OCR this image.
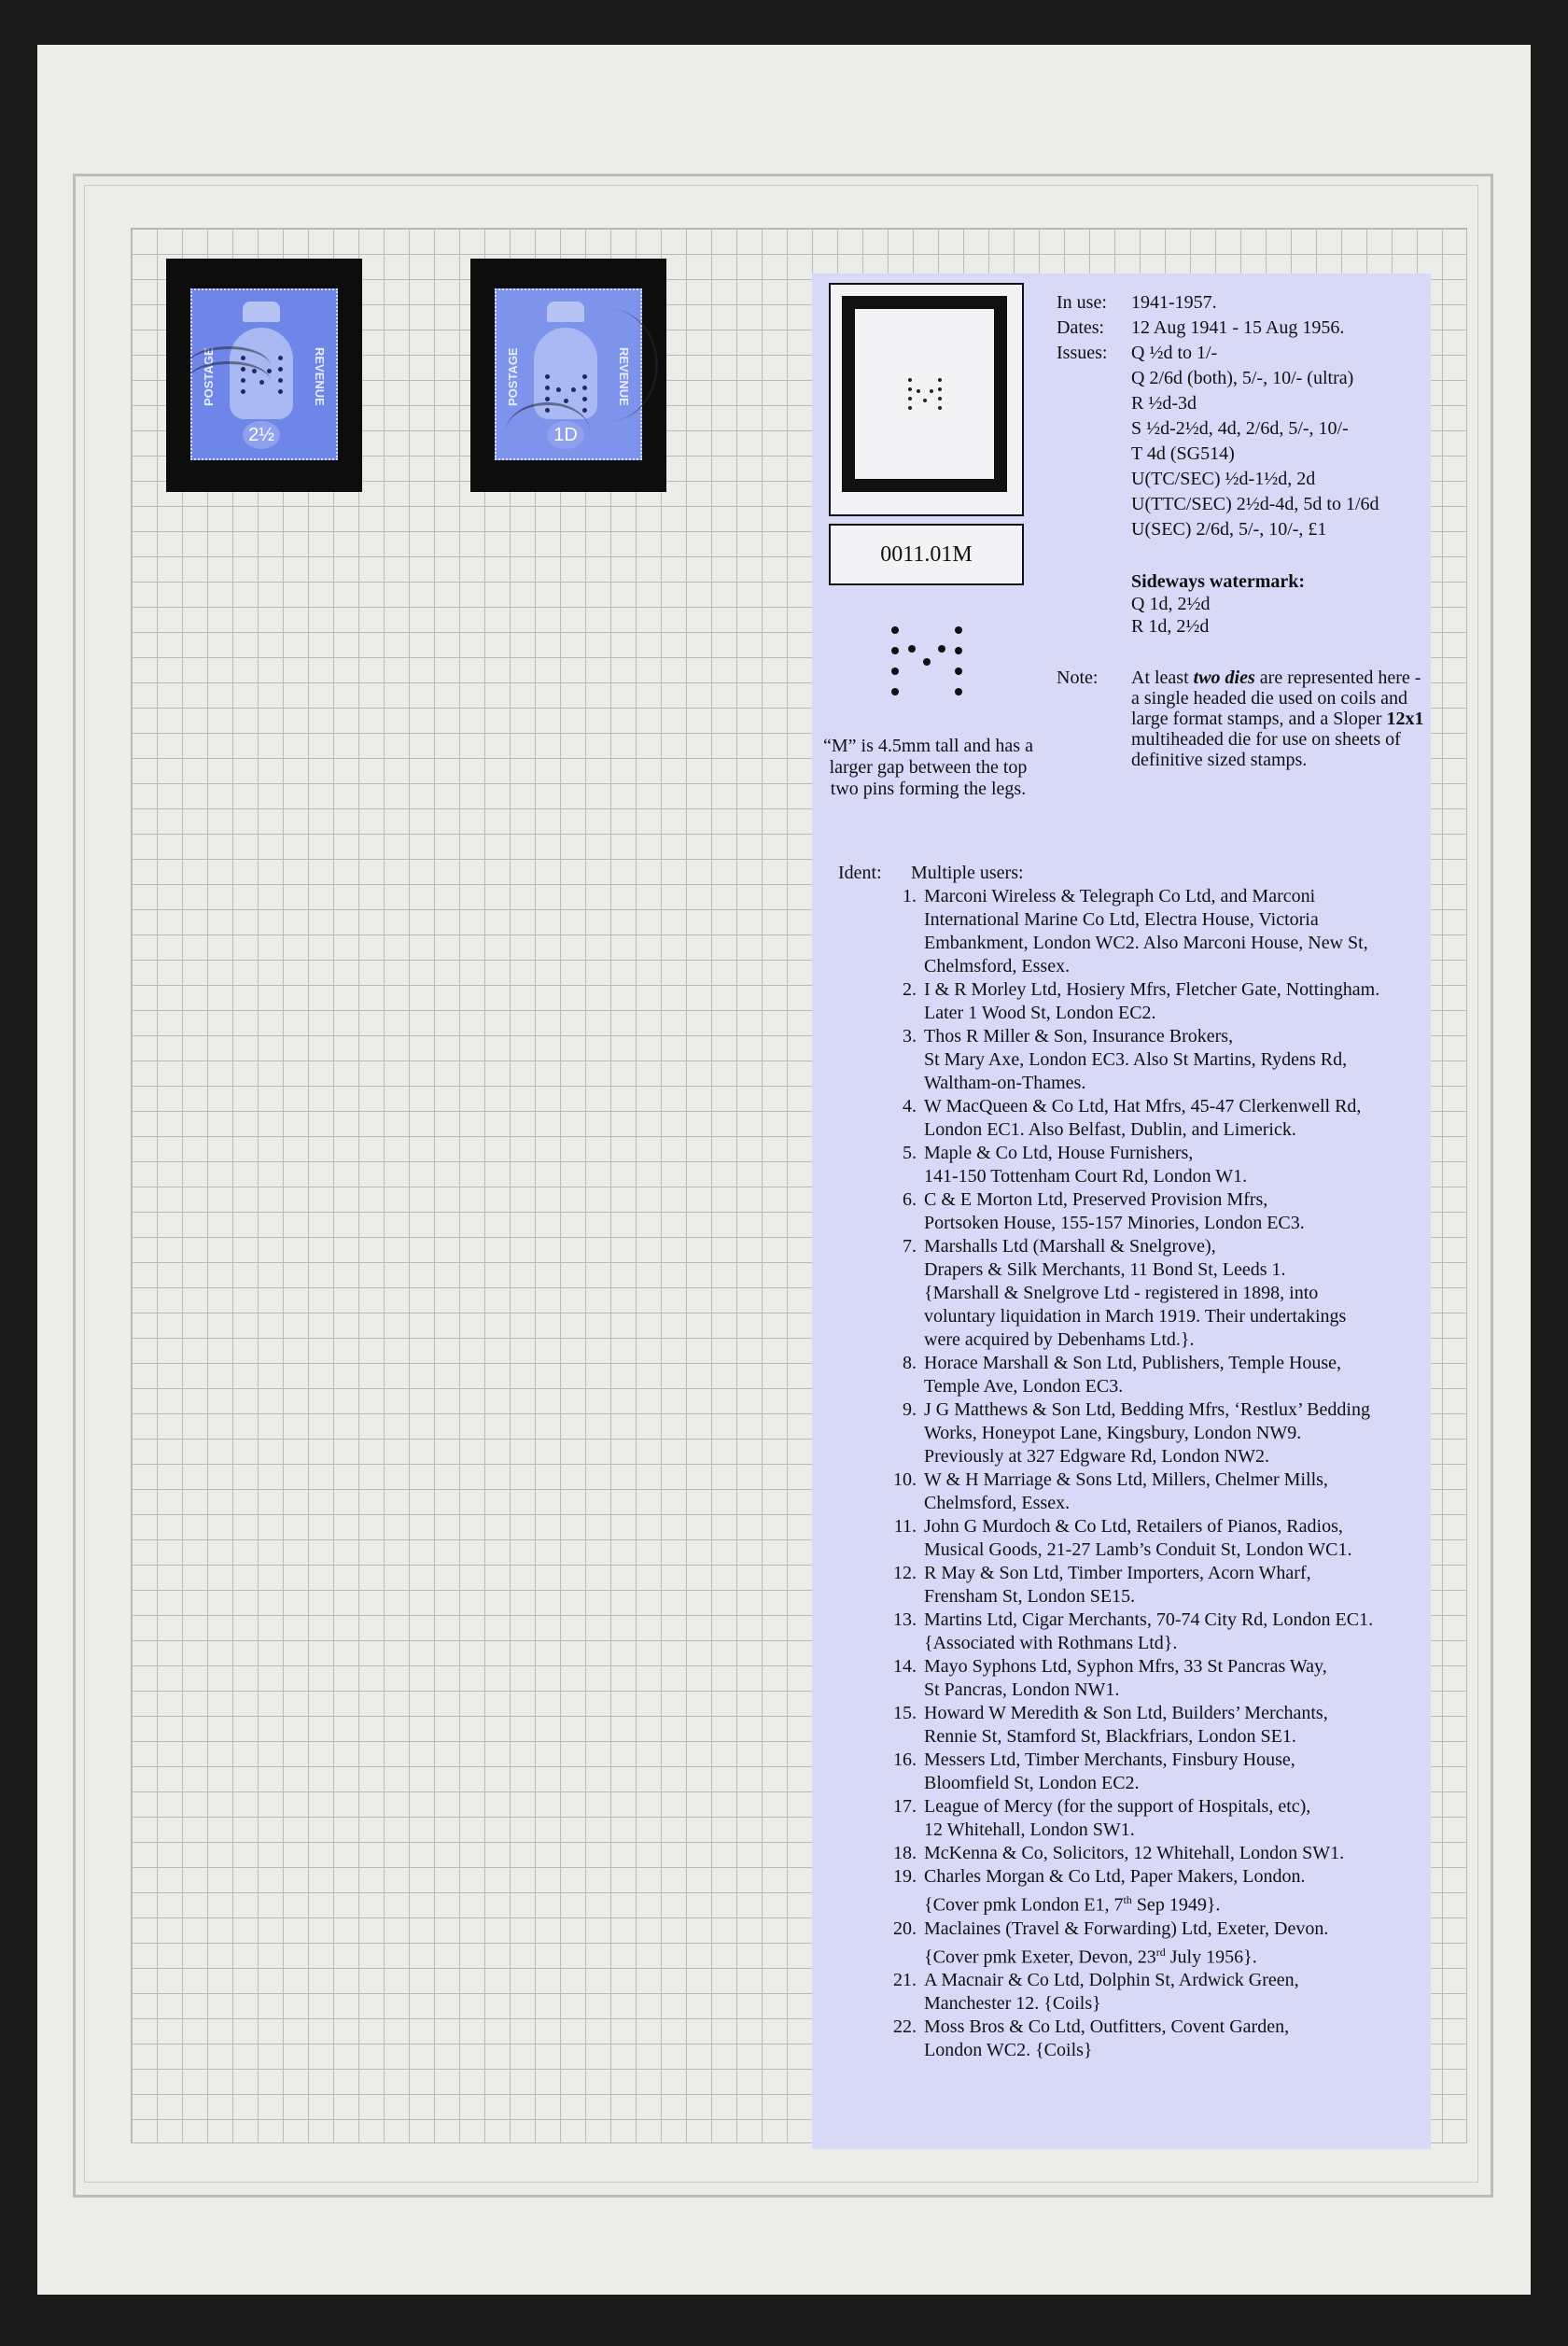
POSTAGE	REVENUE
2½
POSTAGE	REVENUE
1D
0011.01M
“M” is 4.5mm tall and has a larger gap between the top two pins forming the legs.
In use:	1941-1957.
Dates:	12 Aug 1941 - 15 Aug 1956.
Issues:	Q ½d to 1/-
Q 2/6d (both), 5/-, 10/- (ultra)
R ½d-3d
S ½d-2½d, 4d, 2/6d, 5/-, 10/-
T 4d (SG514)
U(TC/SEC) ½d-1½d, 2d
U(TTC/SEC) 2½d-4d, 5d to 1/6d
U(SEC) 2/6d, 5/-, 10/-, £1
Sideways watermark:
Q 1d, 2½d
R 1d, 2½d
Note:	At least two dies are represented here - a single headed die used on coils and large format stamps, and a Sloper 12x1 multiheaded die for use on sheets of definitive sized stamps.
Ident: Multiple users:
1. Marconi Wireless & Telegraph Co Ltd, and Marconi
International Marine Co Ltd, Electra House, Victoria
Embankment, London WC2. Also Marconi House, New St,
Chelmsford, Essex.
2. I & R Morley Ltd, Hosiery Mfrs, Fletcher Gate, Nottingham.
Later 1 Wood St, London EC2.
3. Thos R Miller & Son, Insurance Brokers,
St Mary Axe, London EC3. Also St Martins, Rydens Rd,
Waltham-on-Thames.
4. W MacQueen & Co Ltd, Hat Mfrs, 45-47 Clerkenwell Rd,
London EC1. Also Belfast, Dublin, and Limerick.
5. Maple & Co Ltd, House Furnishers,
141-150 Tottenham Court Rd, London W1.
6. C & E Morton Ltd, Preserved Provision Mfrs,
Portsoken House, 155-157 Minories, London EC3.
7. Marshalls Ltd (Marshall & Snelgrove),
Drapers & Silk Merchants, 11 Bond St, Leeds 1.
{Marshall & Snelgrove Ltd - registered in 1898, into
voluntary liquidation in March 1919. Their undertakings
were acquired by Debenhams Ltd.}.
8. Horace Marshall & Son Ltd, Publishers, Temple House,
Temple Ave, London EC3.
9. J G Matthews & Son Ltd, Bedding Mfrs, ‘Restlux’ Bedding
Works, Honeypot Lane, Kingsbury, London NW9.
Previously at 327 Edgware Rd, London NW2.
10. W & H Marriage & Sons Ltd, Millers, Chelmer Mills,
Chelmsford, Essex.
11. John G Murdoch & Co Ltd, Retailers of Pianos, Radios,
Musical Goods, 21-27 Lamb’s Conduit St, London WC1.
12. R May & Son Ltd, Timber Importers, Acorn Wharf,
Frensham St, London SE15.
13. Martins Ltd, Cigar Merchants, 70-74 City Rd, London EC1.
{Associated with Rothmans Ltd}.
14. Mayo Syphons Ltd, Syphon Mfrs, 33 St Pancras Way,
St Pancras, London NW1.
15. Howard W Meredith & Son Ltd, Builders’ Merchants,
Rennie St, Stamford St, Blackfriars, London SE1.
16. Messers Ltd, Timber Merchants, Finsbury House,
Bloomfield St, London EC2.
17. League of Mercy (for the support of Hospitals, etc),
12 Whitehall, London SW1.
18. McKenna & Co, Solicitors, 12 Whitehall, London SW1.
19. Charles Morgan & Co Ltd, Paper Makers, London.
{Cover pmk London E1, 7th Sep 1949}.
20. Maclaines (Travel & Forwarding) Ltd, Exeter, Devon.
{Cover pmk Exeter, Devon, 23rd July 1956}.
21. A Macnair & Co Ltd, Dolphin St, Ardwick Green,
Manchester 12. {Coils}
22. Moss Bros & Co Ltd, Outfitters, Covent Garden,
London WC2. {Coils}
